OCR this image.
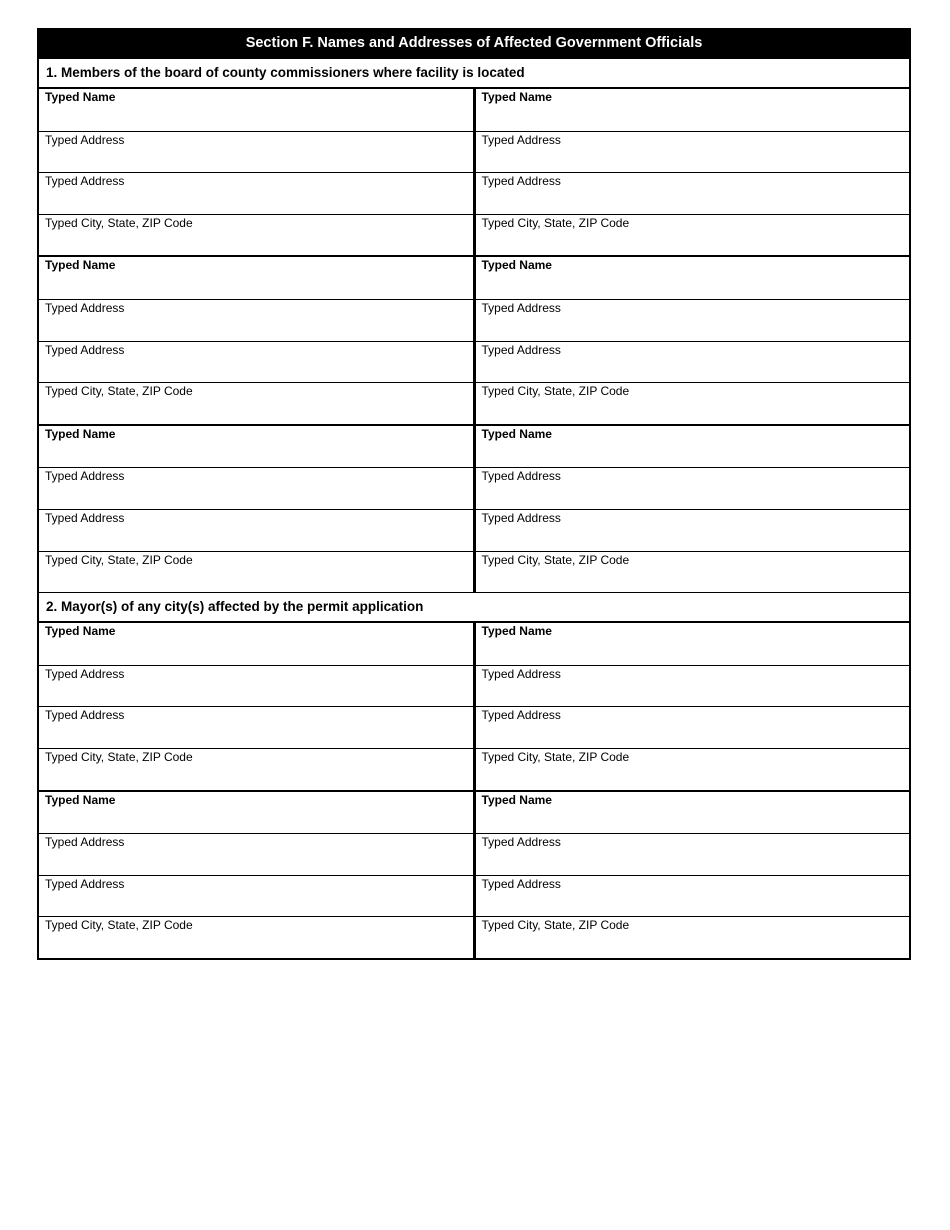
Section F. Names and Addresses of Affected Government Officials
1. Members of the board of county commissioners where facility is located
Typed Name
Typed Address
Typed Address
Typed City, State, ZIP Code
Typed Name
Typed Address
Typed Address
Typed City, State, ZIP Code
Typed Name
Typed Address
Typed Address
Typed City, State, ZIP Code
Typed Name
Typed Address
Typed Address
Typed City, State, ZIP Code
Typed Name
Typed Address
Typed Address
Typed City, State, ZIP Code
Typed Name
Typed Address
Typed Address
Typed City, State, ZIP Code
2. Mayor(s) of any city(s) affected by the permit application
Typed Name
Typed Address
Typed Address
Typed City, State, ZIP Code
Typed Name
Typed Address
Typed Address
Typed City, State, ZIP Code
Typed Name
Typed Address
Typed Address
Typed City, State, ZIP Code
Typed Name
Typed Address
Typed Address
Typed City, State, ZIP Code
